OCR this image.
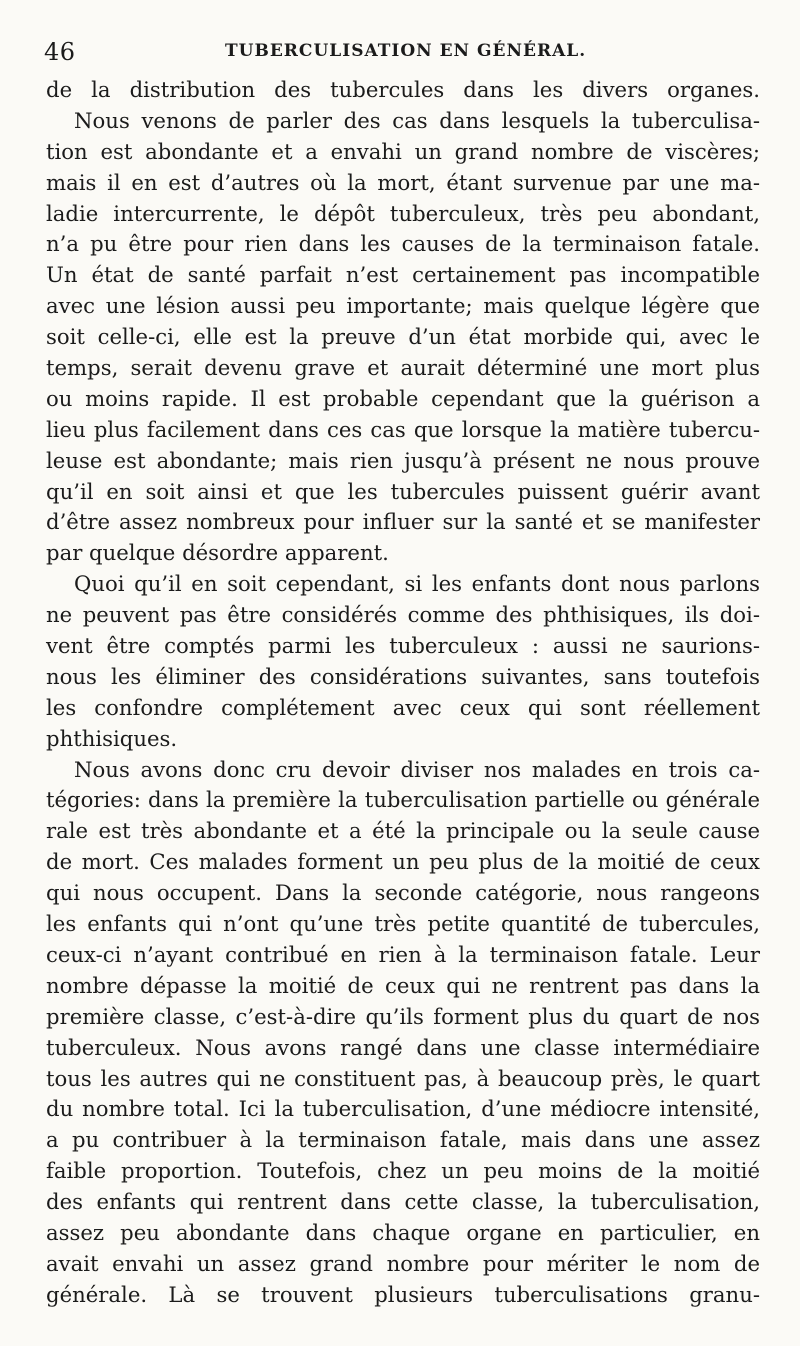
46	TUBERCULISATION EN GÉNÉRAL.
de la distribution des tubercules dans les divers organes.
Nous venons de parler des cas dans lesquels la tuberculisa-
tion est abondante et a envahi un grand nombre de viscères;
mais il en est d’autres où la mort, étant survenue par une ma-
ladie intercurrente, le dépôt tuberculeux, très peu abondant,
n’a pu être pour rien dans les causes de la terminaison fatale.
Un état de santé parfait n’est certainement pas incompatible
avec une lésion aussi peu importante; mais quelque légère que
soit celle-ci, elle est la preuve d’un état morbide qui, avec le
temps, serait devenu grave et aurait déterminé une mort plus
ou moins rapide. Il est probable cependant que la guérison a
lieu plus facilement dans ces cas que lorsque la matière tubercu-
leuse est abondante; mais rien jusqu’à présent ne nous prouve
qu’il en soit ainsi et que les tubercules puissent guérir avant
d’être assez nombreux pour influer sur la santé et se manifester
par quelque désordre apparent.
Quoi qu’il en soit cependant, si les enfants dont nous parlons
ne peuvent pas être considérés comme des phthisiques, ils doi-
vent être comptés parmi les tuberculeux : aussi ne saurions-
nous les éliminer des considérations suivantes, sans toutefois
les confondre complétement avec ceux qui sont réellement
phthisiques.
Nous avons donc cru devoir diviser nos malades en trois ca-
tégories: dans la première la tuberculisation partielle ou générale
rale est très abondante et a été la principale ou la seule cause
de mort. Ces malades forment un peu plus de la moitié de ceux
qui nous occupent. Dans la seconde catégorie, nous rangeons
les enfants qui n’ont qu’une très petite quantité de tubercules,
ceux-ci n’ayant contribué en rien à la terminaison fatale. Leur
nombre dépasse la moitié de ceux qui ne rentrent pas dans la
première classe, c’est-à-dire qu’ils forment plus du quart de nos
tuberculeux. Nous avons rangé dans une classe intermédiaire
tous les autres qui ne constituent pas, à beaucoup près, le quart
du nombre total. Ici la tuberculisation, d’une médiocre intensité,
a pu contribuer à la terminaison fatale, mais dans une assez
faible proportion. Toutefois, chez un peu moins de la moitié
des enfants qui rentrent dans cette classe, la tuberculisation,
assez peu abondante dans chaque organe en particulier, en
avait envahi un assez grand nombre pour mériter le nom de
générale. Là se trouvent plusieurs tuberculisations granu-
